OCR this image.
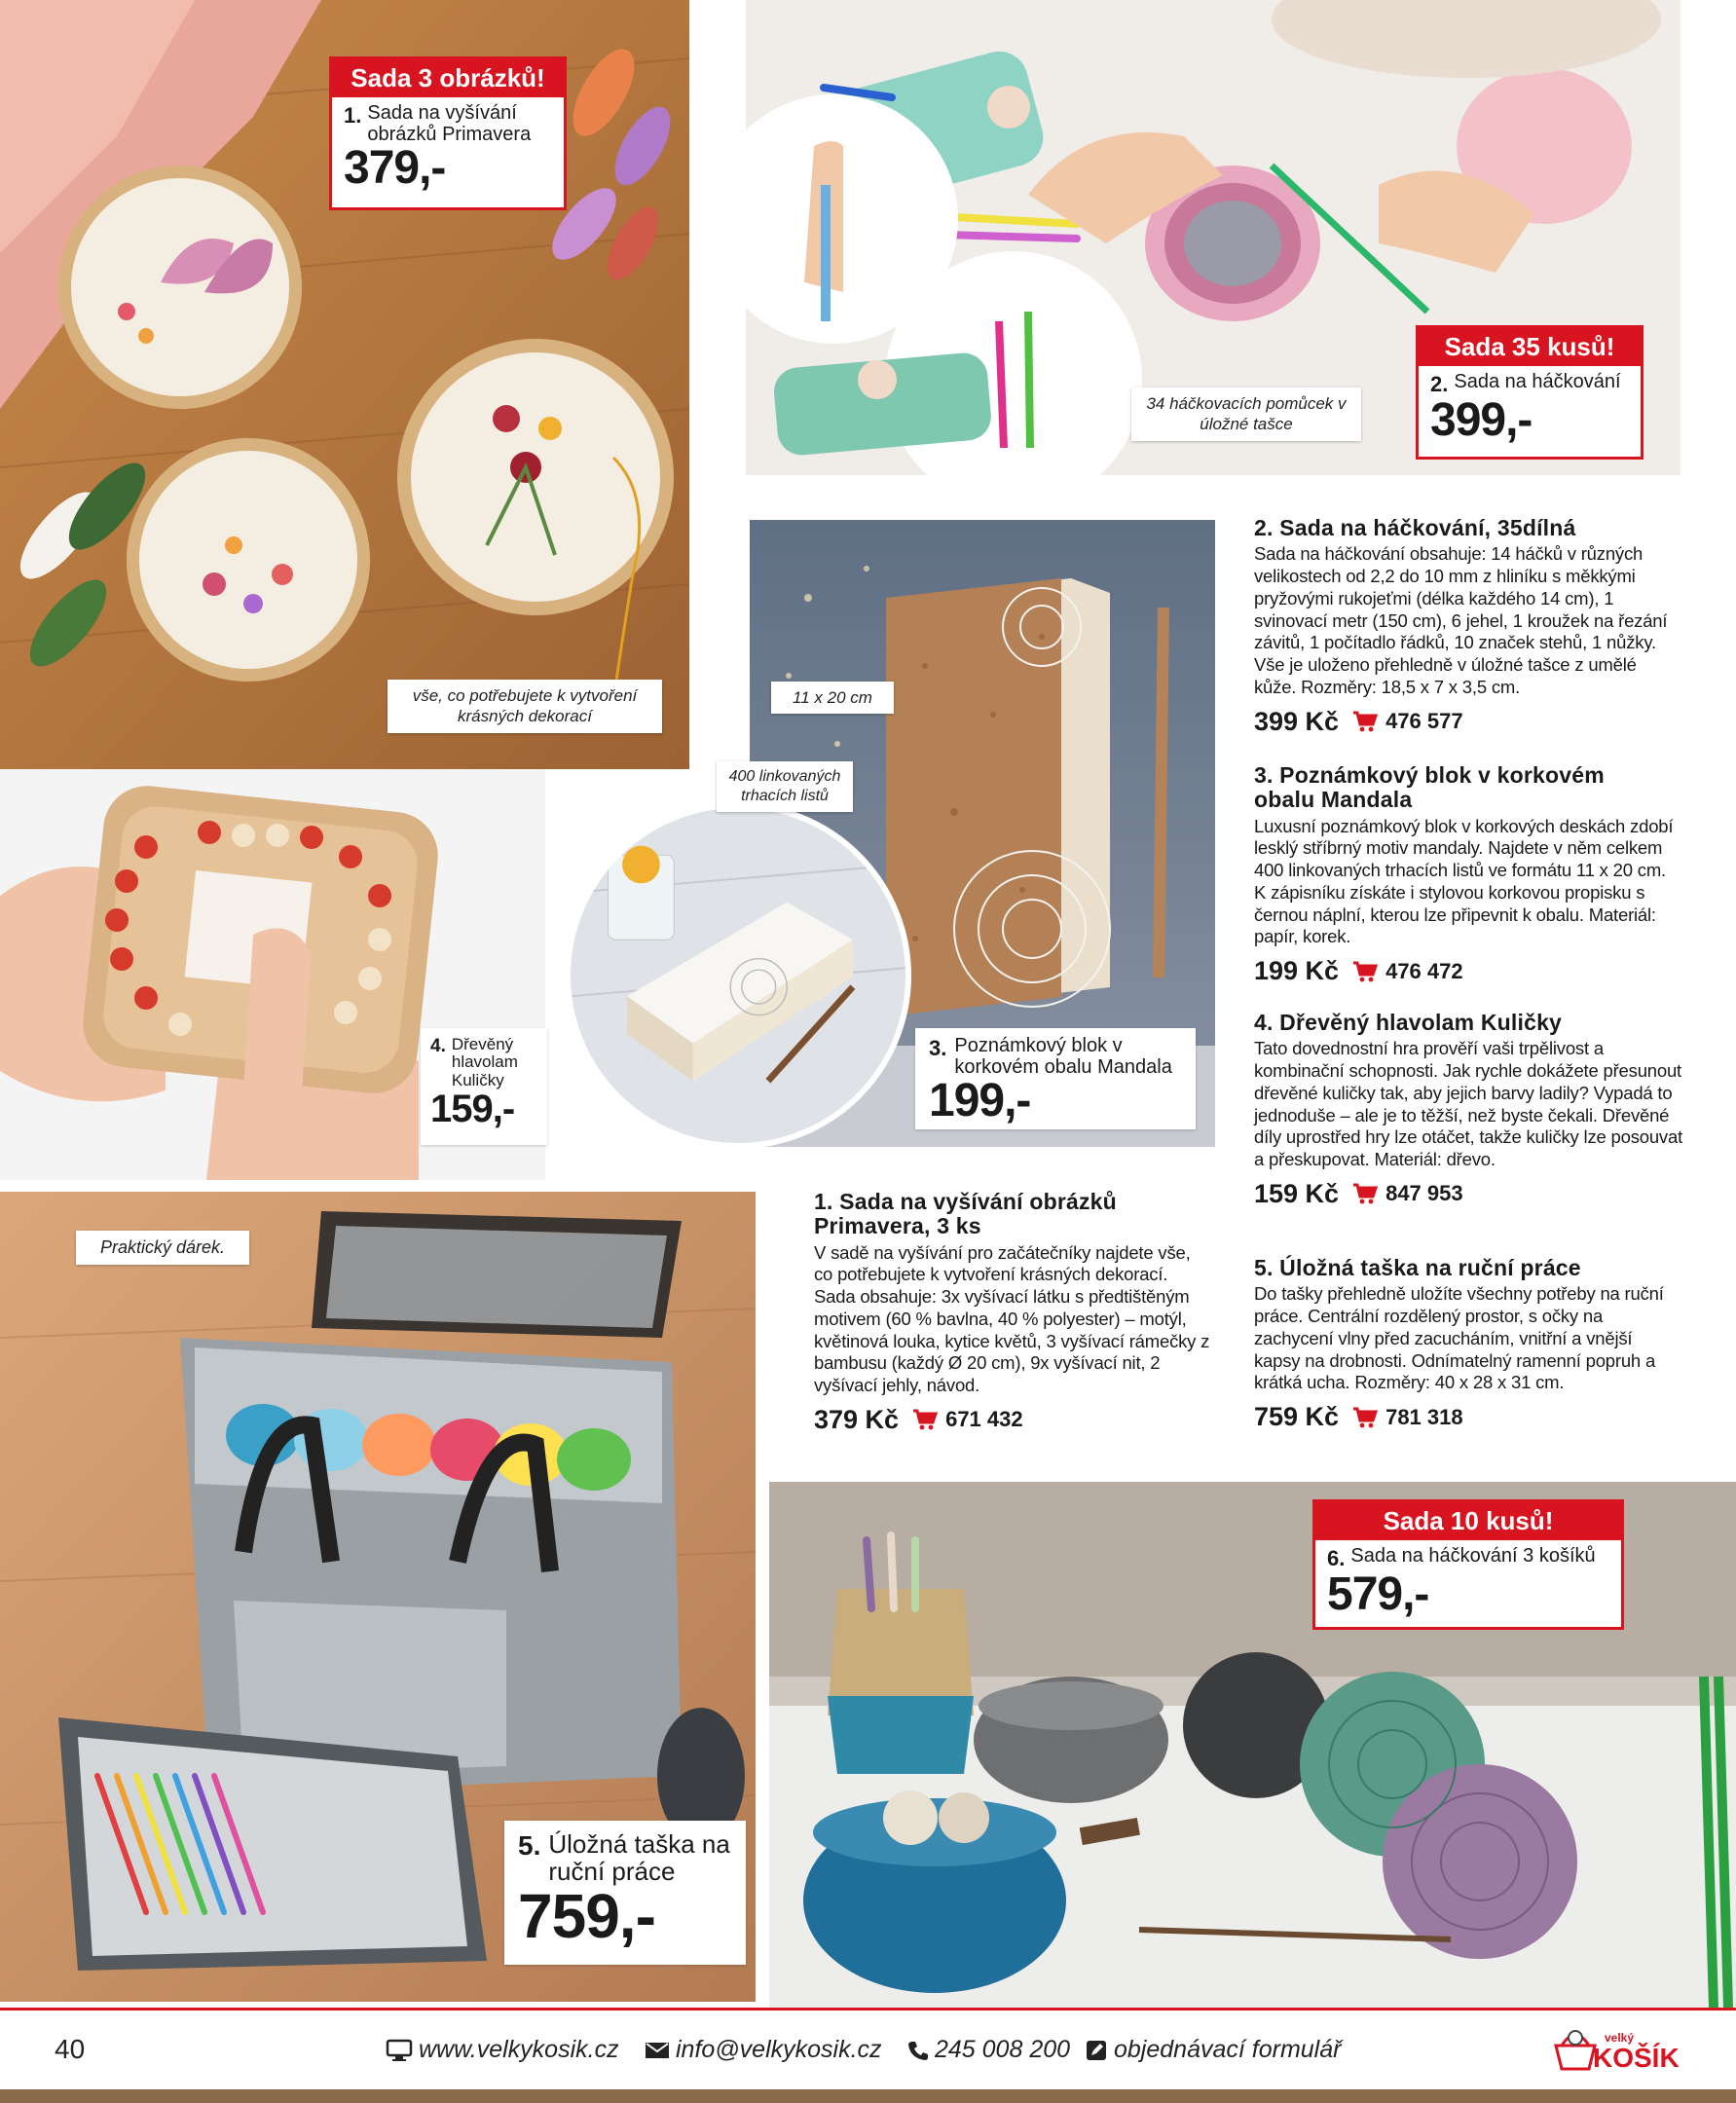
Sada 3 obrázků!
1. Sada na vyšívání obrázků Primavera
379,-
vše, co potřebujete k vytvoření krásných dekorací
34 háčkovacích pomůcek v úložné tašce
Sada 35 kusů!
2. Sada na háčkování
399,-
11 x 20 cm
400 linkovaných trhacích listů
3. Poznámkový blok v korkovém obalu Mandala
199,-
4. Dřevěný hlavolam Kuličky
159,-
Praktický dárek.
5. Úložná taška na ruční práce
759,-
Sada 10 kusů!
6. Sada na háčkování 3 košíků
579,-
2. Sada na háčkování, 35dílná

Sada na háčkování obsahuje: 14 háčků v různých velikostech od 2,2 do 10 mm z hliníku s měkkými pryžovými rukojeťmi (délka každého 14 cm), 1 svinovací metr (150 cm), 6 jehel, 1 kroužek na řezání závitů, 1 počítadlo řádků, 10 značek stehů, 1 nůžky. Vše je uloženo přehledně v úložné tašce z umělé kůže. Rozměry: 18,5 x 7 x 3,5 cm.

399 Kč 476 577
3. Poznámkový blok v korkovém obalu Mandala

Luxusní poznámkový blok v korkových deskách zdobí lesklý stříbrný motiv mandaly. Najdete v něm celkem 400 linkovaných trhacích listů ve formátu 11 x 20 cm. K zápisníku získáte i stylovou korkovou propisku s černou náplní, kterou lze připevnit k obalu. Materiál: papír, korek.

199 Kč 476 472
4. Dřevěný hlavolam Kuličky

Tato dovednostní hra prověří vaši trpělivost a kombinační schopnosti. Jak rychle dokážete přesunout dřevěné kuličky tak, aby jejich barvy ladily? Vypadá to jednoduše – ale je to těžší, než byste čekali. Dřevěné díly uprostřed hry lze otáčet, takže kuličky lze posouvat a přeskupovat. Materiál: dřevo.

159 Kč 847 953
5. Úložná taška na ruční práce

Do tašky přehledně uložíte všechny potřeby na ruční práce. Centrální rozdělený prostor, s očky na zachycení vlny před zacucháním, vnitřní a vnější kapsy na drobnosti. Odnímatelný ramenní popruh a krátká ucha. Rozměry: 40 x 28 x 31 cm.

759 Kč 781 318
1. Sada na vyšívání obrázků Primavera, 3 ks

V sadě na vyšívání pro začátečníky najdete vše, co potřebujete k vytvoření krásných dekorací. Sada obsahuje: 3x vyšívací látku s předtištěným motivem (60 % bavlna, 40 % polyester) – motýl, květinová louka, kytice květů, 3 vyšívací rámečky z bambusu (každý Ø 20 cm), 9x vyšívací nit, 2 vyšívací jehly, návod.

379 Kč 671 432
40	www.velkykosik.cz info@velkykosik.cz 245 008 200 objednávací formulář	velký
KOŠÍK
